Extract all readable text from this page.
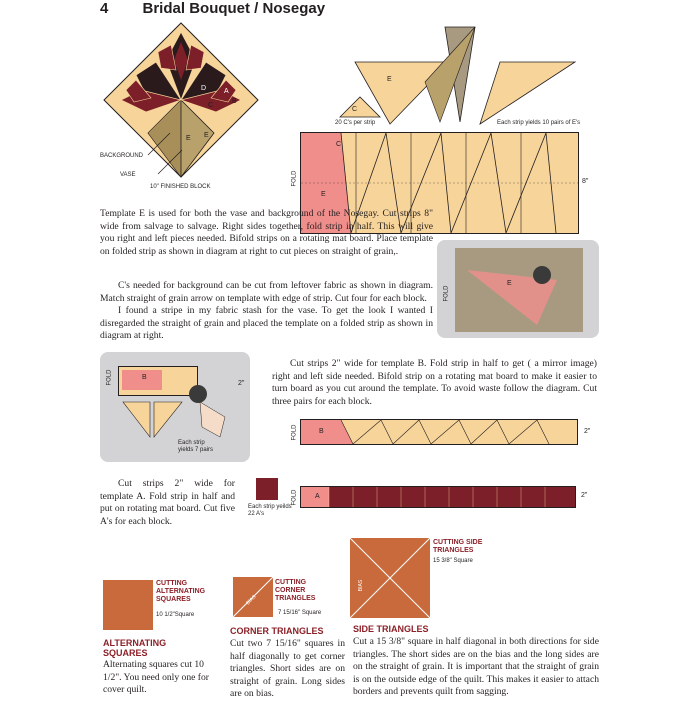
4 Bridal Bouquet / Nosegay
D	A
B
C
E E
BACKGROUND
VASE
10" FINISHED BLOCK
C
20 C's per strip
E
Each strip yields 10 pairs of E's
E
C
FOLD	8"
Template E is used for both the vase and background of the Nosegay. Cut strips 8" wide from salvage to salvage. Right sides together, fold strip in half. This will give you right and left pieces needed. Bifold strips on a rotating mat board. Place template on folded strip as shown in diagram at right to cut pieces on straight of grain,.
C's needed for background can be cut from leftover fabric as shown in diagram. Match straight of grain arrow on template with edge of strip. Cut four for each block.
I found a stripe in my fabric stash for the vase. To get the look I wanted I disregarded the straight of grain and placed the template on a folded strip as shown in diagram at right.
E
FOLD
B
FOLD	2"
Each strip yields 7 pairs
Cut strips 2" wide for template B. Fold strip in half to get ( a mirror image) right and left side needed. Bifold strip on a rotating mat board to make it easier to turn board as you cut around the template. To avoid waste follow the diagram. Cut three pairs for each block.
B
FOLD	2"
Cut strips 2" wide for template A. Fold strip in half and put on rotating mat board. Cut five A's for each block.
Each strip yeilds 22 A's
A
FOLD	2"
CUTTING ALTERNATING SQUARES
10 1/2"Square
ALTERNATING SQUARES
Alternating squares cut 10 1/2". You need only one for cover quilt.
BIAS
CUTTING CORNER TRIANGLES
7 15/16" Square
CORNER TRIANGLES
Cut two 7 15/16" squares in half diagonally to get corner triangles. Short sides are on straight of grain. Long sides are on bias.
BIAS
CUTTING SIDE TRIANGLES
15 3/8" Square
SIDE TRIANGLES
Cut a 15 3/8" square in half diagonal in both directions for side triangles. The short sides are on the bias and the long sides are on the straight of grain. It is important that the straight of grain is on the outside edge of the quilt. This makes it easier to attach borders and prevents quilt from sagging.
